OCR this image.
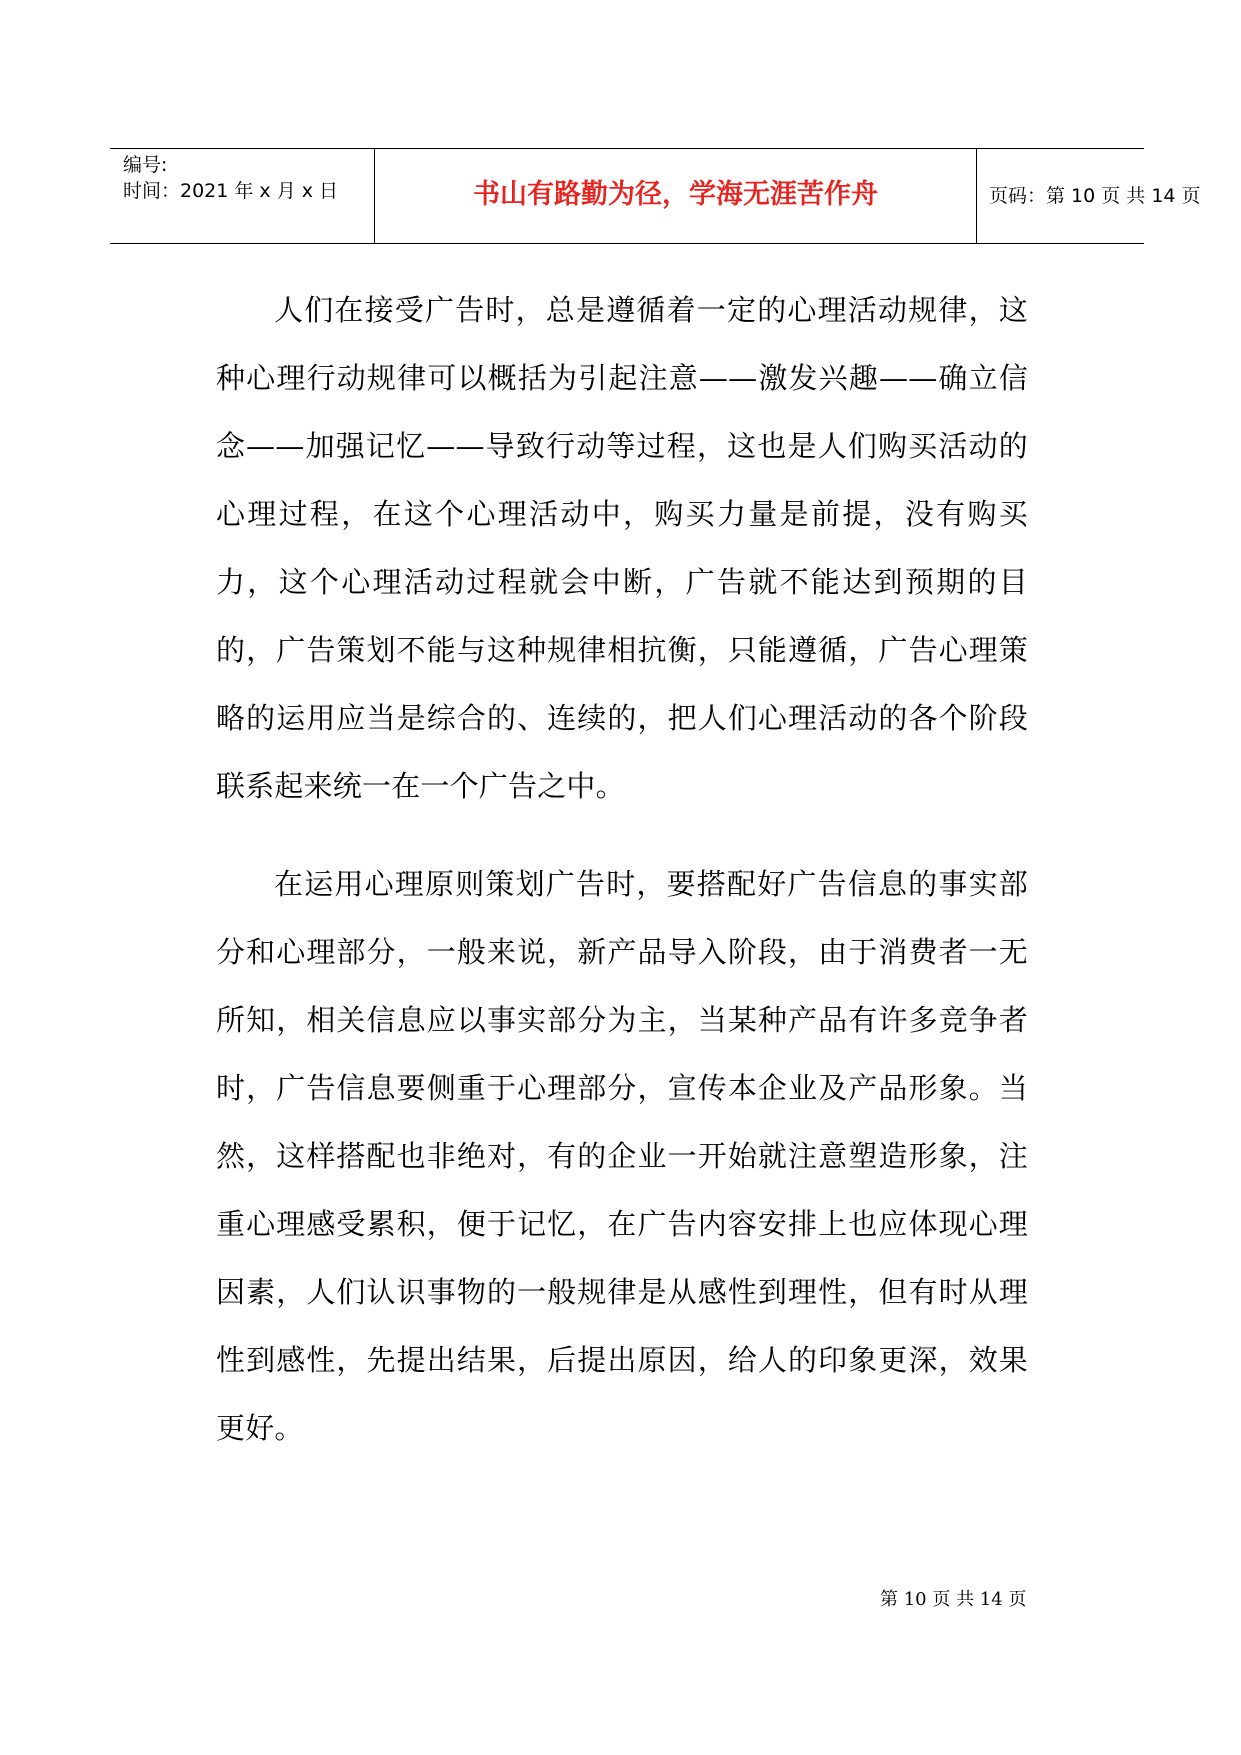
编号:
时间：2021 年 x 月 x 日	书山有路勤为径，学海无涯苦作舟	页码：第 10 页 共 14 页

人们在接受广告时，总是遵循着一定的心理活动规律，这种心理行动规律可以概括为引起注意——激发兴趣——确立信念——加强记忆——导致行动等过程，这也是人们购买活动的心理过程，在这个心理活动中，购买力量是前提，没有购买力，这个心理活动过程就会中断，广告就不能达到预期的目的，广告策划不能与这种规律相抗衡，只能遵循，广告心理策略的运用应当是综合的、连续的，把人们心理活动的各个阶段联系起来统一在一个广告之中。

在运用心理原则策划广告时，要搭配好广告信息的事实部分和心理部分，一般来说，新产品导入阶段，由于消费者一无所知，相关信息应以事实部分为主，当某种产品有许多竞争者时，广告信息要侧重于心理部分，宣传本企业及产品形象。当然，这样搭配也非绝对，有的企业一开始就注意塑造形象，注重心理感受累积，便于记忆，在广告内容安排上也应体现心理因素，人们认识事物的一般规律是从感性到理性，但有时从理性到感性，先提出结果，后提出原因，给人的印象更深，效果更好。

第 10 页 共 14 页
